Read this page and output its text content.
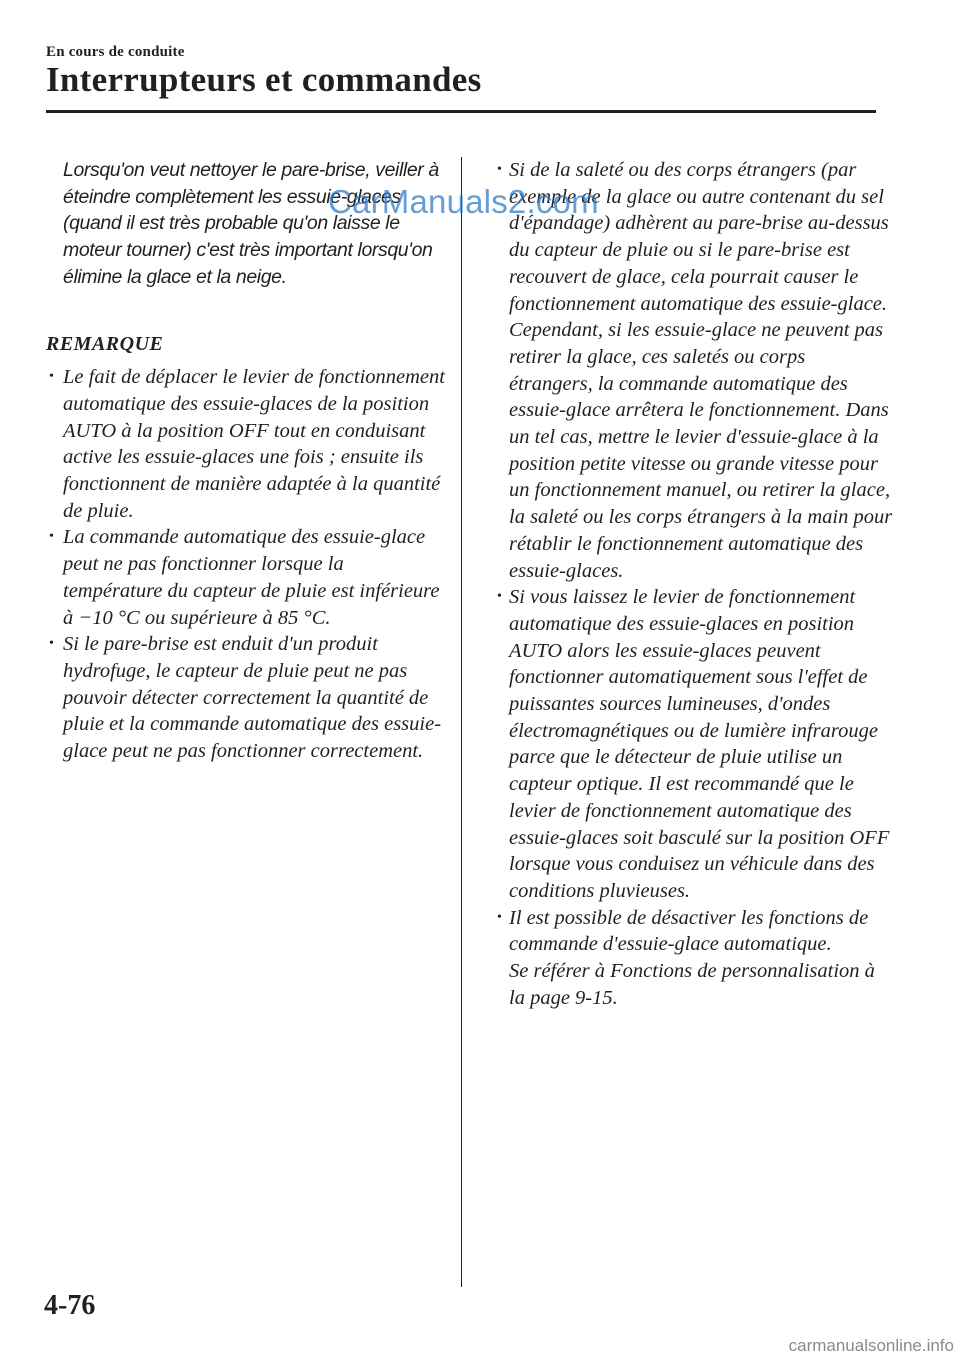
En cours de conduite
Interrupteurs et commandes

Lorsqu'on veut nettoyer le pare-brise, veiller à éteindre complètement les essuie-glaces (quand il est très probable qu'on laisse le moteur tourner) c'est très important lorsqu'on élimine la glace et la neige.

REMARQUE
• Le fait de déplacer le levier de fonctionnement automatique des essuie-glaces de la position AUTO à la position OFF tout en conduisant active les essuie-glaces une fois ; ensuite ils fonctionnent de manière adaptée à la quantité de pluie.
• La commande automatique des essuie-glace peut ne pas fonctionner lorsque la température du capteur de pluie est inférieure à −10 °C ou supérieure à 85 °C.
• Si le pare-brise est enduit d'un produit hydrofuge, le capteur de pluie peut ne pas pouvoir détecter correctement la quantité de pluie et la commande automatique des essuie-glace peut ne pas fonctionner correctement.
• Si de la saleté ou des corps étrangers (par exemple de la glace ou autre contenant du sel d'épandage) adhèrent au pare-brise au-dessus du capteur de pluie ou si le pare-brise est recouvert de glace, cela pourrait causer le fonctionnement automatique des essuie-glace. Cependant, si les essuie-glace ne peuvent pas retirer la glace, ces saletés ou corps étrangers, la commande automatique des essuie-glace arrêtera le fonctionnement. Dans un tel cas, mettre le levier d'essuie-glace à la position petite vitesse ou grande vitesse pour un fonctionnement manuel, ou retirer la glace, la saleté ou les corps étrangers à la main pour rétablir le fonctionnement automatique des essuie-glaces.
• Si vous laissez le levier de fonctionnement automatique des essuie-glaces en position AUTO alors les essuie-glaces peuvent fonctionner automatiquement sous l'effet de puissantes sources lumineuses, d'ondes électromagnétiques ou de lumière infrarouge parce que le détecteur de pluie utilise un capteur optique. Il est recommandé que le levier de fonctionnement automatique des essuie-glaces soit basculé sur la position OFF lorsque vous conduisez un véhicule dans des conditions pluvieuses.
• Il est possible de désactiver les fonctions de commande d'essuie-glace automatique.
Se référer à Fonctions de personnalisation à la page 9-15.
CarManuals2.com
4-76
carmanualsonline.info
